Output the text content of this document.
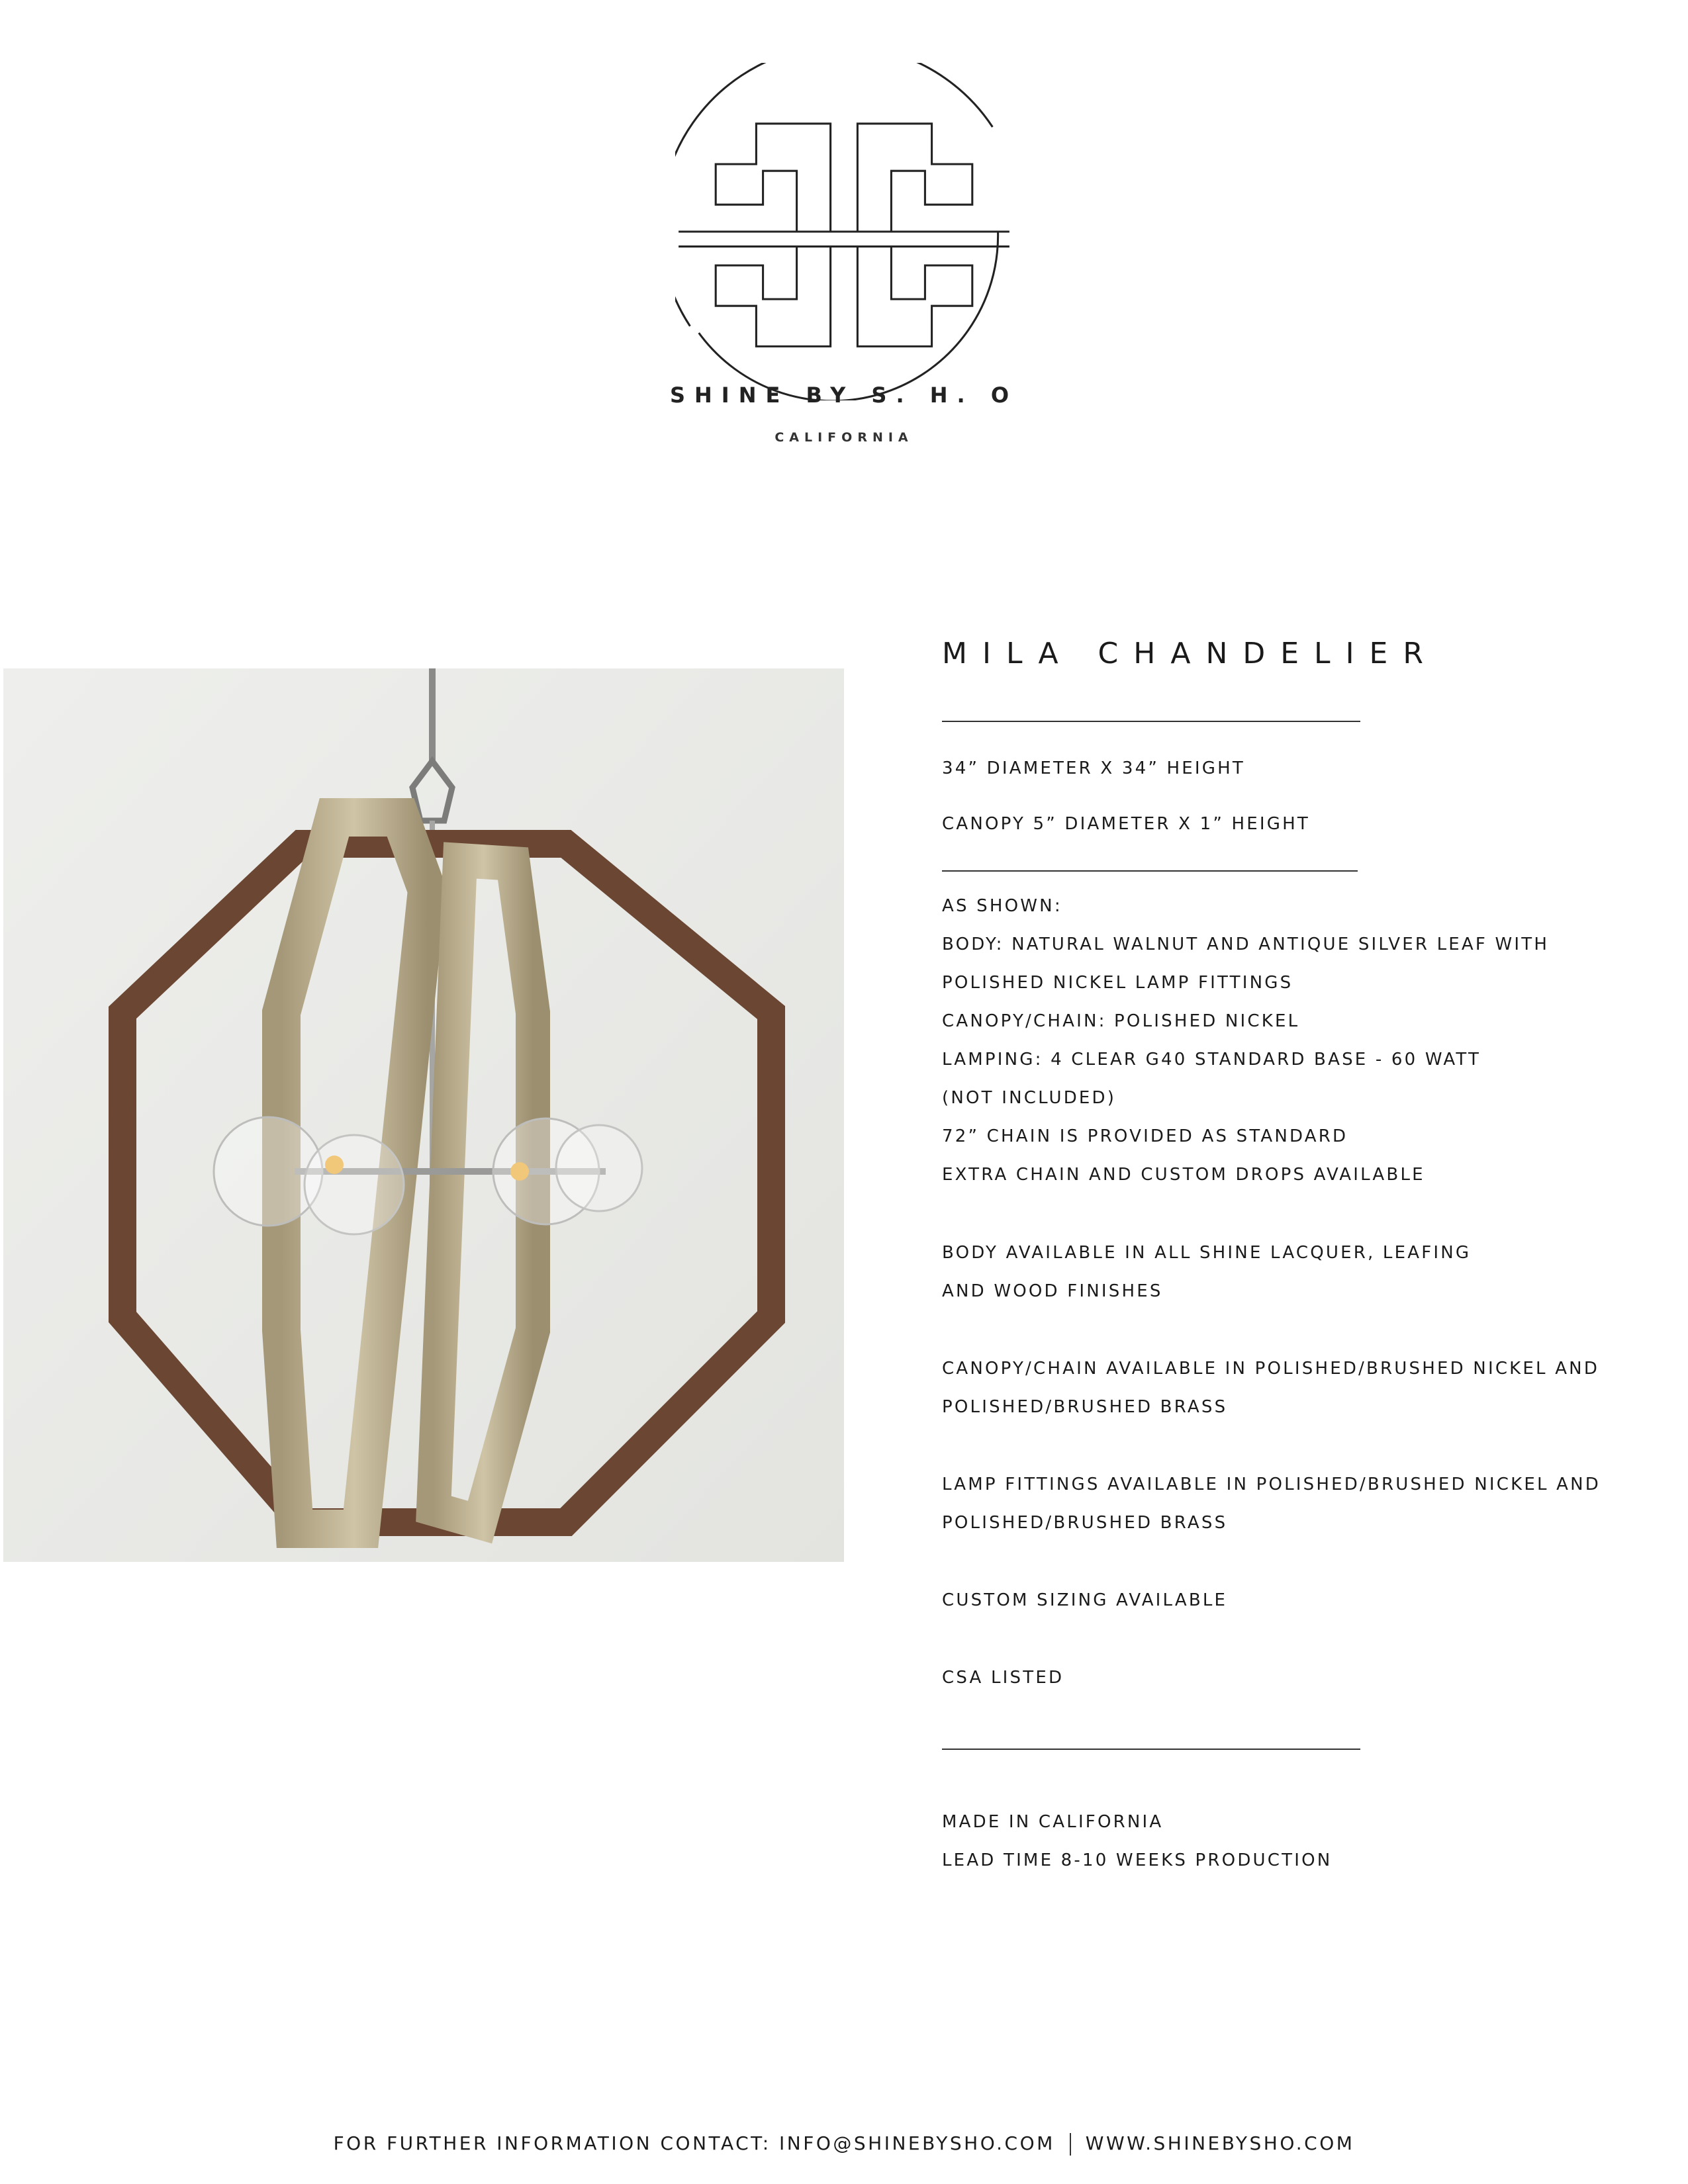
SHINE BY S. H. O
CALIFORNIA
MILA CHANDELIER
34” DIAMETER X 34” HEIGHT
CANOPY 5” DIAMETER X 1” HEIGHT
AS SHOWN:
BODY: NATURAL WALNUT AND ANTIQUE SILVER LEAF WITH
POLISHED NICKEL LAMP FITTINGS
CANOPY/CHAIN: POLISHED NICKEL
LAMPING: 4 CLEAR G40 STANDARD BASE - 60 WATT
(NOT INCLUDED)
72” CHAIN IS PROVIDED AS STANDARD
EXTRA CHAIN AND CUSTOM DROPS AVAILABLE
BODY AVAILABLE IN ALL SHINE LACQUER, LEAFING
AND WOOD FINISHES
CANOPY/CHAIN AVAILABLE IN POLISHED/BRUSHED NICKEL AND
POLISHED/BRUSHED BRASS
LAMP FITTINGS AVAILABLE IN POLISHED/BRUSHED NICKEL AND
POLISHED/BRUSHED BRASS
CUSTOM SIZING AVAILABLE
CSA LISTED
MADE IN CALIFORNIA
LEAD TIME 8-10 WEEKS PRODUCTION
FOR FURTHER INFORMATION CONTACT: INFO@SHINEBYSHO.COM WWW.SHINEBYSHO.COM
